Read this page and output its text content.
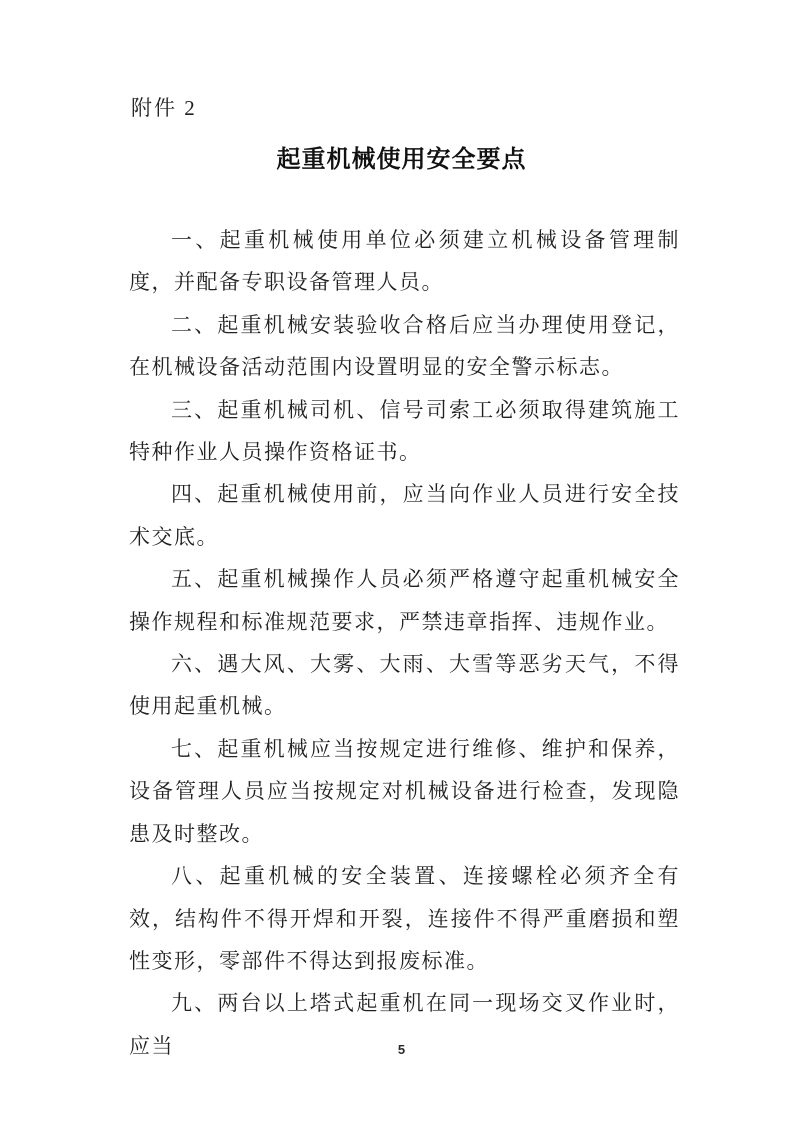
附件 2
起重机械使用安全要点

一、起重机械使用单位必须建立机械设备管理制度，并配备专职设备管理人员。

二、起重机械安装验收合格后应当办理使用登记，在机械设备活动范围内设置明显的安全警示标志。

三、起重机械司机、信号司索工必须取得建筑施工特种作业人员操作资格证书。

四、起重机械使用前，应当向作业人员进行安全技术交底。

五、起重机械操作人员必须严格遵守起重机械安全操作规程和标准规范要求，严禁违章指挥、违规作业。

六、遇大风、大雾、大雨、大雪等恶劣天气，不得使用起重机械。

七、起重机械应当按规定进行维修、维护和保养，设备管理人员应当按规定对机械设备进行检查，发现隐患及时整改。

八、起重机械的安全装置、连接螺栓必须齐全有效，结构件不得开焊和开裂，连接件不得严重磨损和塑性变形，零部件不得达到报废标准。

九、两台以上塔式起重机在同一现场交叉作业时，应当	5
